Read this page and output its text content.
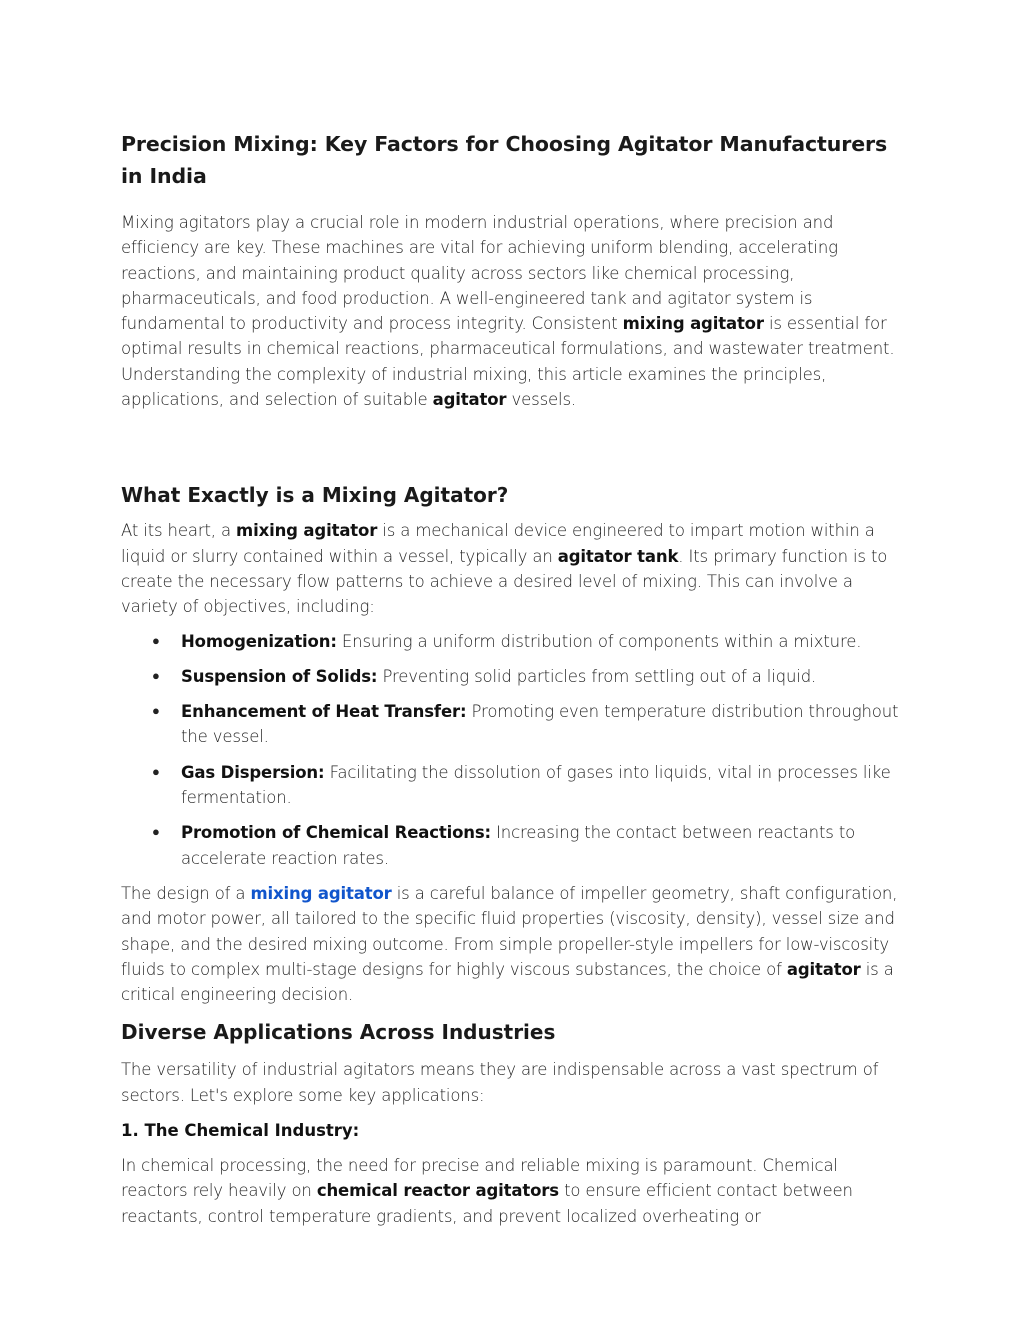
Precision Mixing: Key Factors for Choosing Agitator Manufacturers in India

Mixing agitators play a crucial role in modern industrial operations, where precision and efficiency are key. These machines are vital for achieving uniform blending, accelerating reactions, and maintaining product quality across sectors like chemical processing, pharmaceuticals, and food production. A well-engineered tank and agitator system is fundamental to productivity and process integrity. Consistent mixing agitator is essential for optimal results in chemical reactions, pharmaceutical formulations, and wastewater treatment. Understanding the complexity of industrial mixing, this article examines the principles, applications, and selection of suitable agitator vessels.

What Exactly is a Mixing Agitator?

At its heart, a mixing agitator is a mechanical device engineered to impart motion within a liquid or slurry contained within a vessel, typically an agitator tank. Its primary function is to create the necessary flow patterns to achieve a desired level of mixing. This can involve a variety of objectives, including:

● Homogenization: Ensuring a uniform distribution of components within a mixture.
● Suspension of Solids: Preventing solid particles from settling out of a liquid.
● Enhancement of Heat Transfer: Promoting even temperature distribution throughout the vessel.
● Gas Dispersion: Facilitating the dissolution of gases into liquids, vital in processes like fermentation.
● Promotion of Chemical Reactions: Increasing the contact between reactants to accelerate reaction rates.

The design of a mixing agitator is a careful balance of impeller geometry, shaft configuration, and motor power, all tailored to the specific fluid properties (viscosity, density), vessel size and shape, and the desired mixing outcome. From simple propeller-style impellers for low-viscosity fluids to complex multi-stage designs for highly viscous substances, the choice of agitator is a critical engineering decision.

Diverse Applications Across Industries

The versatility of industrial agitators means they are indispensable across a vast spectrum of sectors. Let's explore some key applications:

1. The Chemical Industry:

In chemical processing, the need for precise and reliable mixing is paramount. Chemical reactors rely heavily on chemical reactor agitators to ensure efficient contact between reactants, control temperature gradients, and prevent localized overheating or
